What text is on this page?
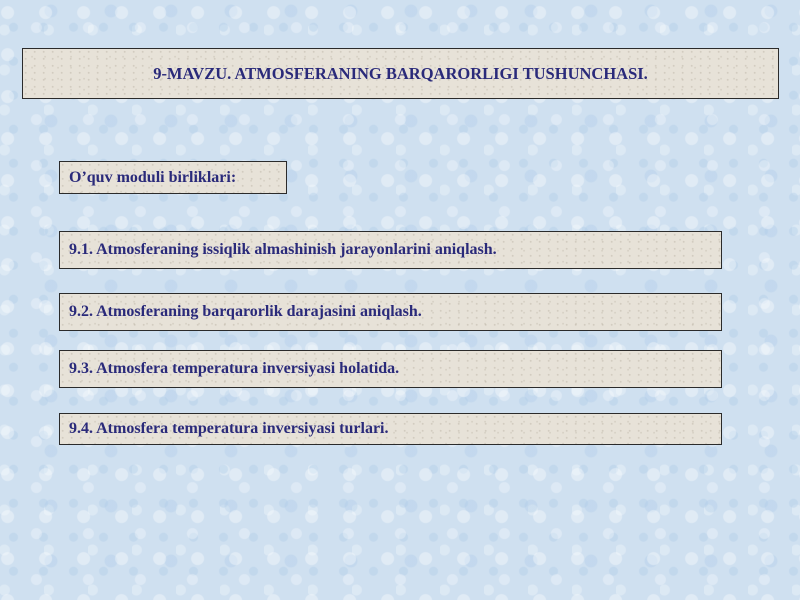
9-MAVZU. ATMOSFERANING BARQARORLIGI TUSHUNCHASI.
O’quv moduli birliklari:
9.1. Atmosferaning issiqlik almashinish jarayonlarini aniqlash.
9.2. Atmosferaning barqarorlik darajasini aniqlash.
9.3. Atmosfera temperatura inversiyasi holatida.
9.4. Atmosfera temperatura inversiyasi turlari.
